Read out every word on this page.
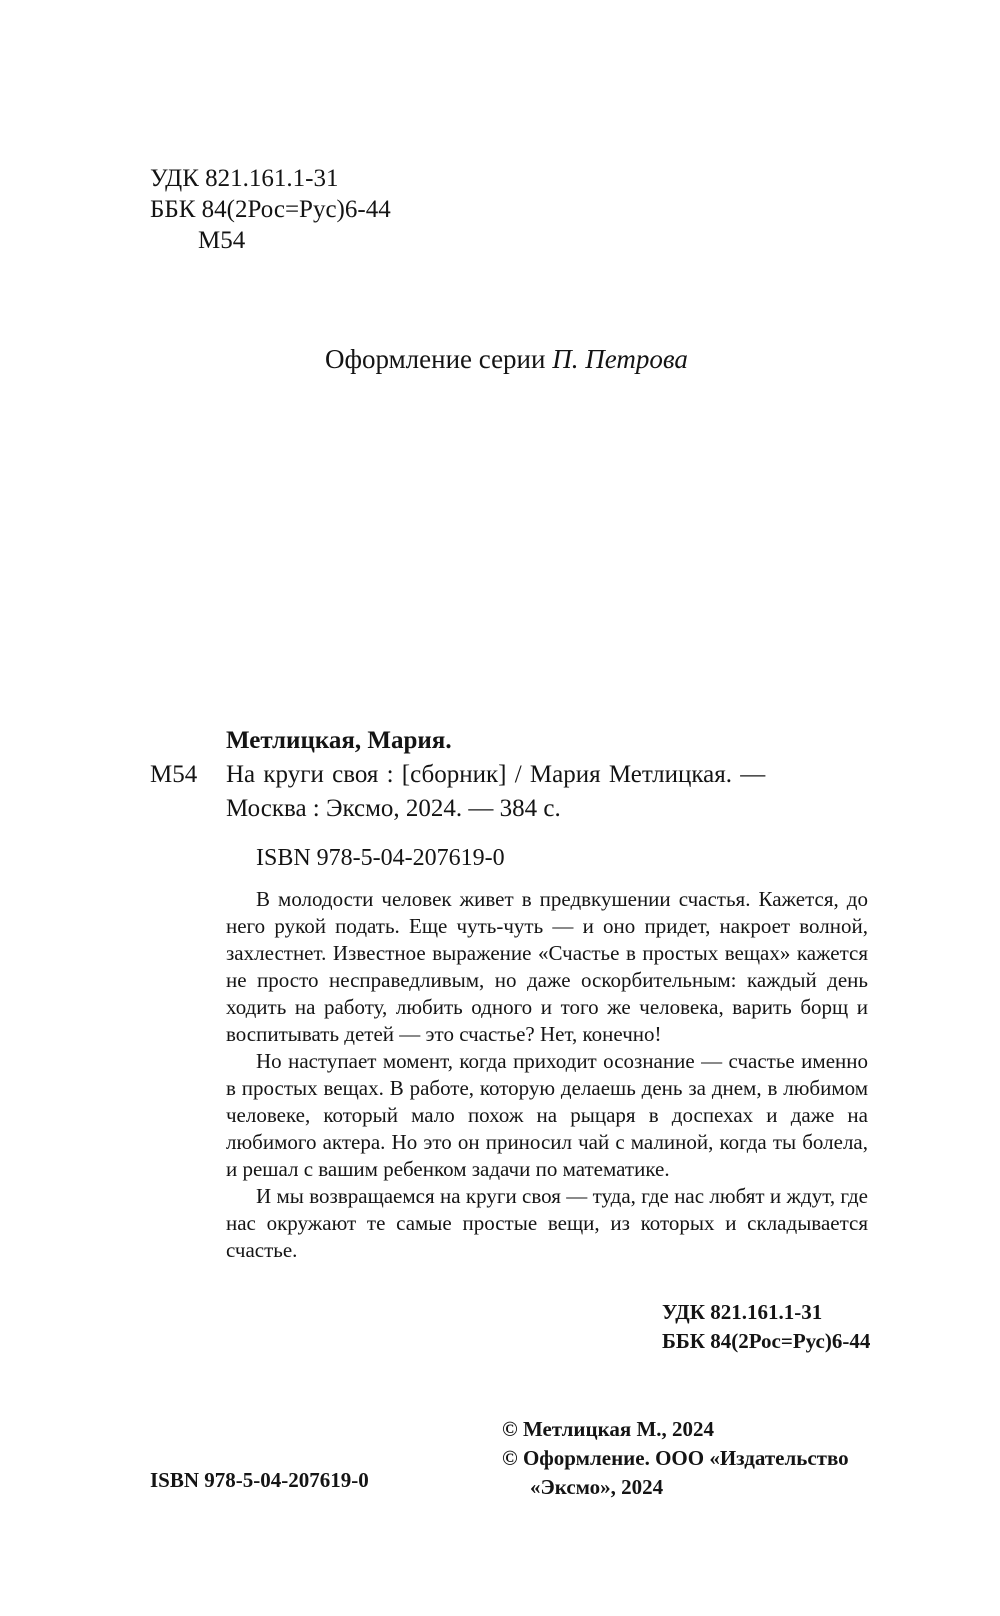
УДК 821.161.1-31
ББК 84(2Рос=Рус)6-44
М54
Оформление серии П. Петрова
Метлицкая, Мария.
М54 На круги своя : [сборник] / Мария Метлицкая. —
Москва : Эксмо, 2024. — 384 с.
ISBN 978-5-04-207619-0

В молодости человек живет в предвкушении счастья. Кажется, до него рукой подать. Еще чуть-чуть — и оно придет, накроет волной, захлестнет. Известное выражение «Счастье в простых вещах» кажется не просто несправедливым, но даже оскорбительным: каждый день ходить на работу, любить одного и того же человека, варить борщ и воспитывать детей — это счастье? Нет, конечно!

Но наступает момент, когда приходит осознание — счастье именно в простых вещах. В работе, которую делаешь день за днем, в любимом человеке, который мало похож на рыцаря в доспехах и даже на любимого актера. Но это он приносил чай с малиной, когда ты болела, и решал с вашим ребенком задачи по математике.

И мы возвращаемся на круги своя — туда, где нас любят и ждут, где нас окружают те самые простые вещи, из которых и складывается счастье.

УДК 821.161.1-31
ББК 84(2Рос=Рус)6-44
© Метлицкая М., 2024
© Оформление. ООО «Издательство
«Эксмо», 2024
ISBN 978-5-04-207619-0
